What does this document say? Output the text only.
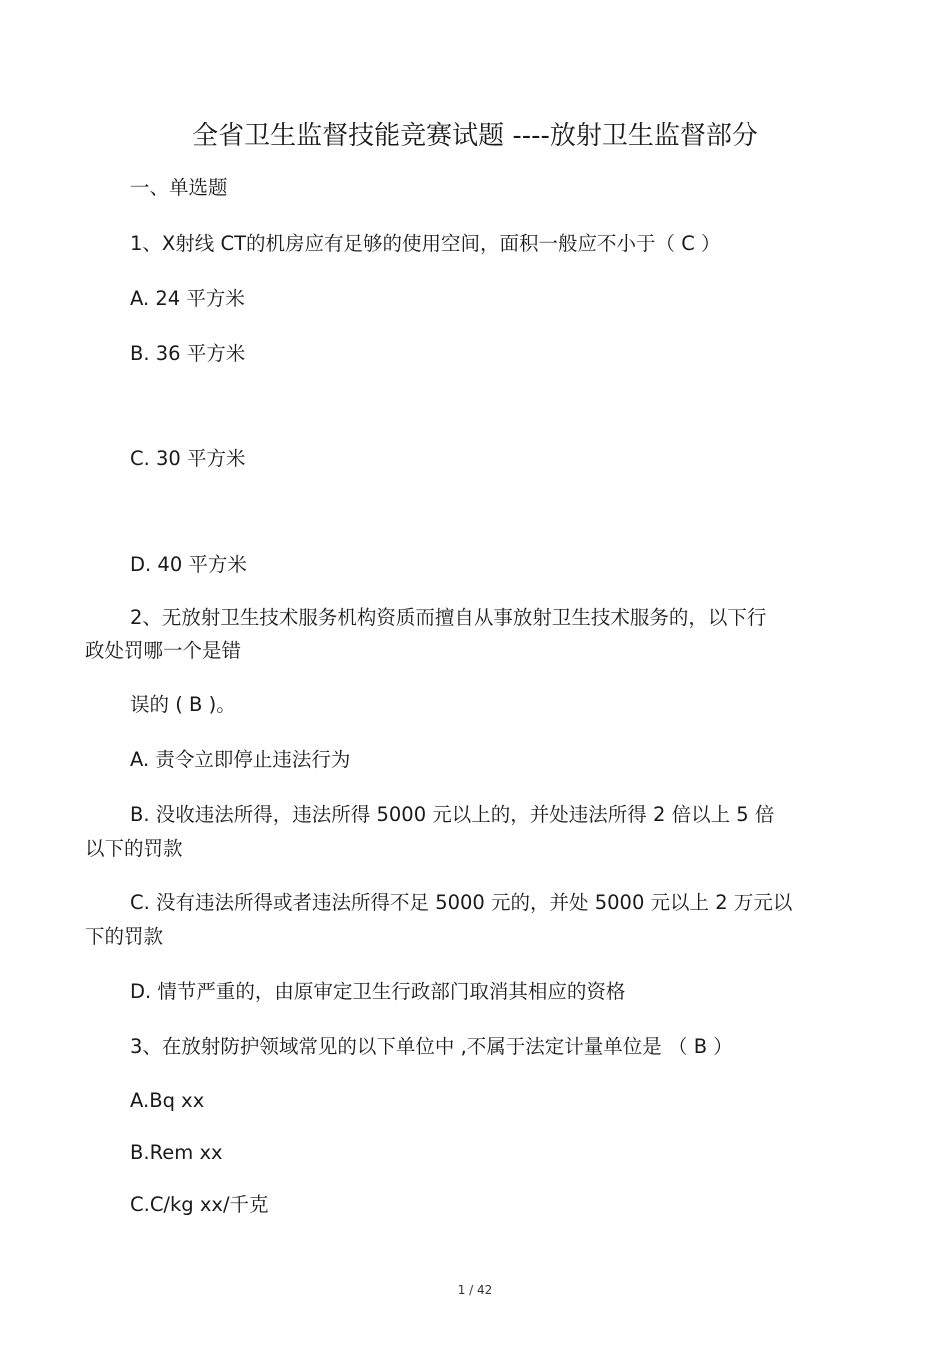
全省卫生监督技能竞赛试题 ----放射卫生监督部分
一、单选题
1、X射线 CT的机房应有足够的使用空间，面积一般应不小于（ C ）
A. 24 平方米
B. 36 平方米
C. 30 平方米
D. 40 平方米
2、无放射卫生技术服务机构资质而擅自从事放射卫生技术服务的，以下行
政处罚哪一个是错
误的 ( B )。
A. 责令立即停止违法行为
B. 没收违法所得，违法所得 5000 元以上的，并处违法所得 2 倍以上 5 倍
以下的罚款
C. 没有违法所得或者违法所得不足 5000 元的，并处 5000 元以上 2 万元以
下的罚款
D. 情节严重的，由原审定卫生行政部门取消其相应的资格
3、在放射防护领域常见的以下单位中 ,不属于法定计量单位是 （ B ）
A.Bq xx
B.Rem xx
C.C/kg xx/千克
1 / 42
